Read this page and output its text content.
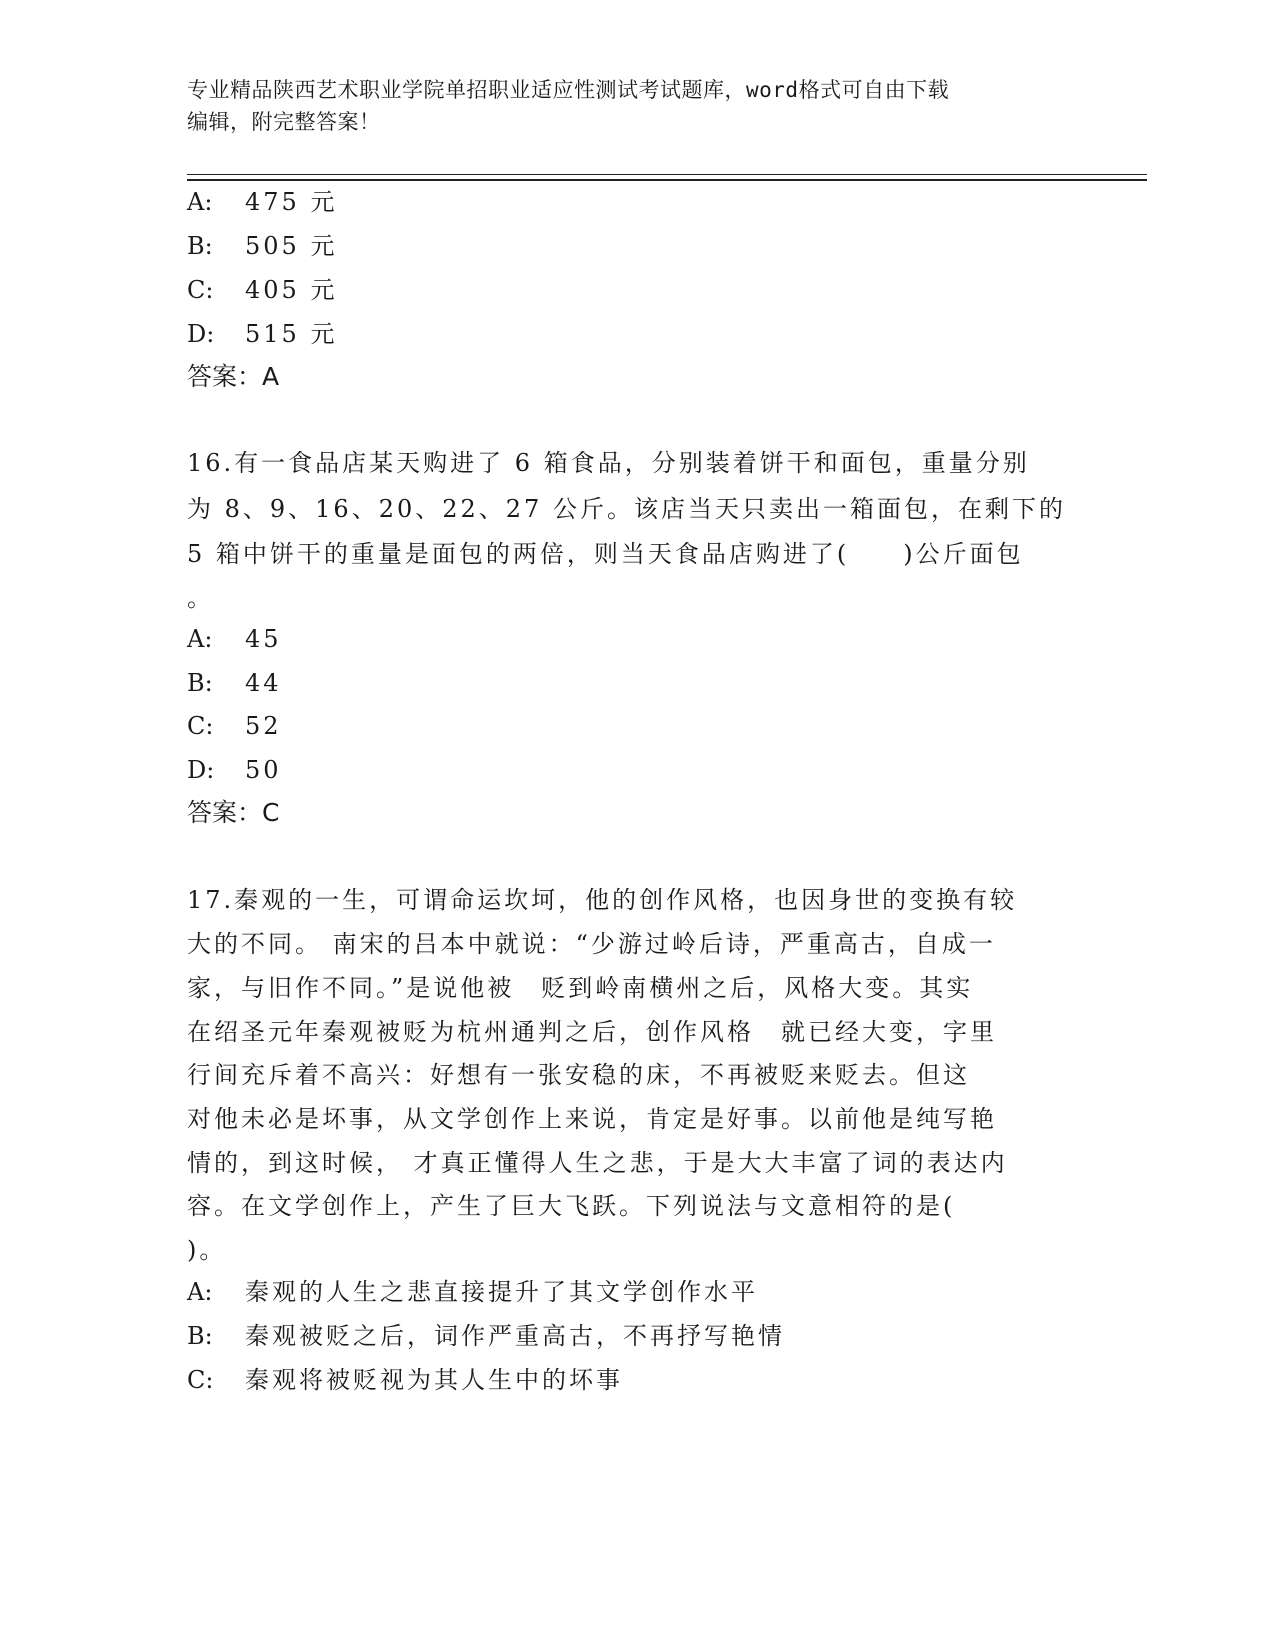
专业精品陕西艺术职业学院单招职业适应性测试考试题库，word格式可自由下载
编辑，附完整答案！
A: 475 元
B: 505 元
C: 405 元
D: 515 元
答案：A
16.有一食品店某天购进了 6 箱食品，分别装着饼干和面包，重量分别
为 8、9、16、20、22、27 公斤。该店当天只卖出一箱面包，在剩下的
5 箱中饼干的重量是面包的两倍，则当天食品店购进了(　　)公斤面包
。
A: 45
B: 44
C: 52
D: 50
答案：C
17.秦观的一生，可谓命运坎坷，他的创作风格，也因身世的变换有较
大的不同。 南宋的吕本中就说：“少游过岭后诗，严重高古，自成一
家，与旧作不同。”是说他被　贬到岭南横州之后，风格大变。其实
在绍圣元年秦观被贬为杭州通判之后，创作风格　就已经大变，字里
行间充斥着不高兴：好想有一张安稳的床，不再被贬来贬去。但这
对他未必是坏事，从文学创作上来说，肯定是好事。以前他是纯写艳
情的，到这时候， 才真正懂得人生之悲，于是大大丰富了词的表达内
容。在文学创作上，产生了巨大飞跃。下列说法与文意相符的是(
)。
A: 秦观的人生之悲直接提升了其文学创作水平
B: 秦观被贬之后，词作严重高古，不再抒写艳情
C: 秦观将被贬视为其人生中的坏事
